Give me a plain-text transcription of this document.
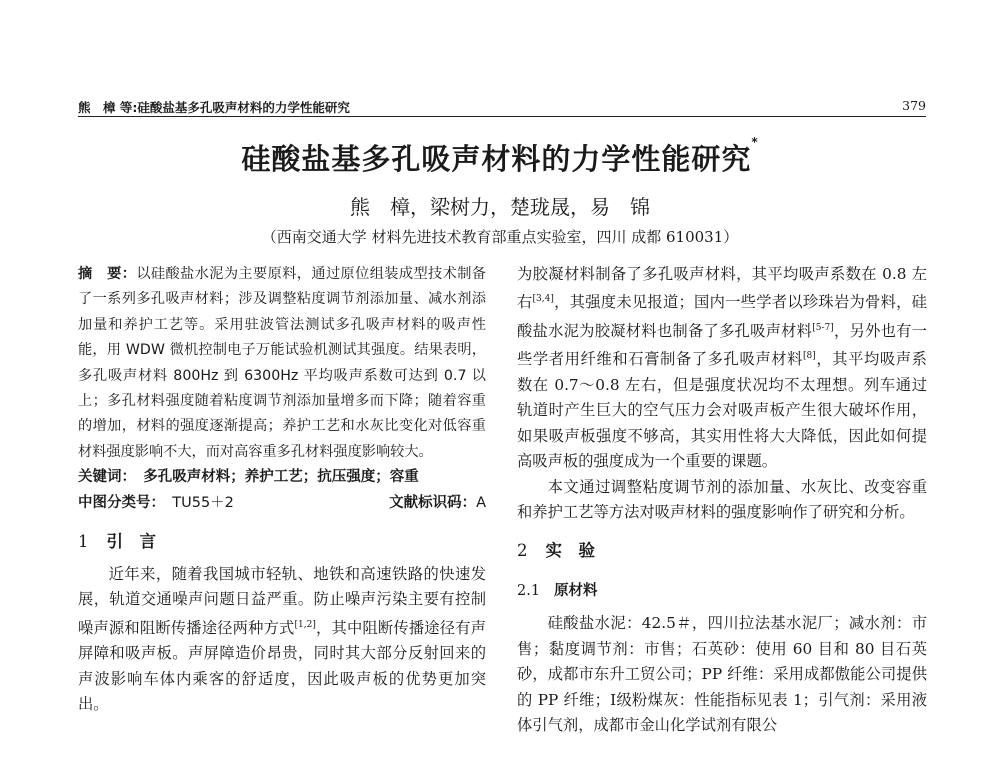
熊　樟 等:硅酸盐基多孔吸声材料的力学性能研究	379
硅酸盐基多孔吸声材料的力学性能研究*
熊　樟，梁树力，楚珑晟，易　锦
（西南交通大学 材料先进技术教育部重点实验室，四川 成都 610031）

摘　要：以硅酸盐水泥为主要原料，通过原位组装成型技术制备了一系列多孔吸声材料；涉及调整粘度调节剂添加量、减水剂添加量和养护工艺等。采用驻波管法测试多孔吸声材料的吸声性能，用 WDW 微机控制电子万能试验机测试其强度。结果表明，多孔吸声材料 800Hz 到 6300Hz 平均吸声系数可达到 0.7 以上；多孔材料强度随着粘度调节剂添加量增多而下降；随着容重的增加，材料的强度逐渐提高；养护工艺和水灰比变化对低容重材料强度影响不大，而对高容重多孔材料强度影响较大。

关键词：　 多孔吸声材料；养护工艺；抗压强度；容重

中图分类号：　 TU55＋2	文献标识码：A

1 引　言

近年来，随着我国城市轻轨、地铁和高速铁路的快速发展，轨道交通噪声问题日益严重。防止噪声污染主要有控制噪声源和阻断传播途径两种方式[1,2]，其中阻断传播途径有声屏障和吸声板。声屏障造价昂贵，同时其大部分反射回来的声波影响车体内乘客的舒适度，因此吸声板的优势更加突出。

为胶凝材料制备了多孔吸声材料，其平均吸声系数在 0.8 左右[3,4]，其强度未见报道；国内一些学者以珍珠岩为骨料，硅酸盐水泥为胶凝材料也制备了多孔吸声材料[5-7]，另外也有一些学者用纤维和石膏制备了多孔吸声材料[8]，其平均吸声系数在 0.7～0.8 左右，但是强度状况均不太理想。列车通过轨道时产生巨大的空气压力会对吸声板产生很大破坏作用，如果吸声板强度不够高，其实用性将大大降低，因此如何提高吸声板的强度成为一个重要的课题。

本文通过调整粘度调节剂的添加量、水灰比、改变容重和养护工艺等方法对吸声材料的强度影响作了研究和分析。

2 实　验
2.1 原材料

硅酸盐水泥：42.5＃，四川拉法基水泥厂；减水剂：市售；黏度调节剂：市售；石英砂：使用 60 目和 80 目石英砂，成都市东升工贸公司；PP 纤维：采用成都傲能公司提供的 PP 纤维；Ⅰ级粉煤灰：性能指标见表 1；引气剂：采用液体引气剂，成都市金山化学试剂有限公
